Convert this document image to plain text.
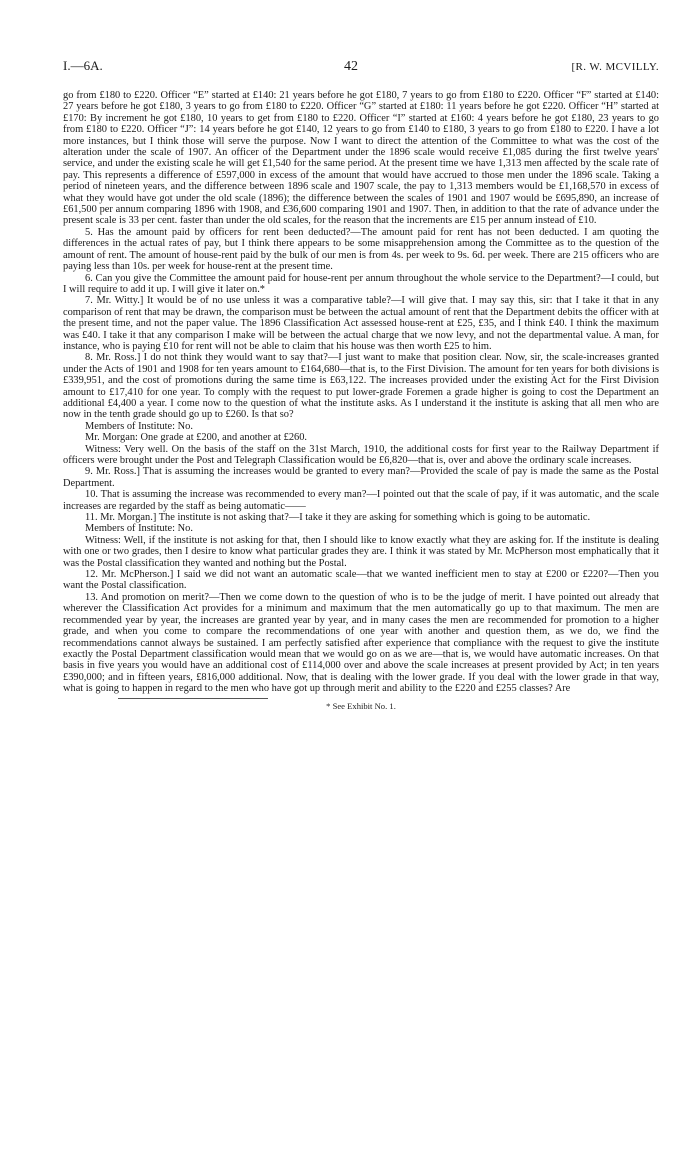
I.—6A.	42	[R. W. MCVILLY.

go from £180 to £220. Officer “E” started at £140: 21 years before he got £180, 7 years to go from £180 to £220. Officer “F” started at £140: 27 years before he got £180, 3 years to go from £180 to £220. Officer “G” started at £180: 11 years before he got £220. Officer “H” started at £170: By increment he got £180, 10 years to get from £180 to £220. Officer “I” started at £160: 4 years before he got £180, 23 years to go from £180 to £220. Officer “J”: 14 years before he got £140, 12 years to go from £140 to £180, 3 years to go from £180 to £220. I have a lot more instances, but I think those will serve the purpose. Now I want to direct the attention of the Committee to what was the cost of the alteration under the scale of 1907. An officer of the Department under the 1896 scale would receive £1,085 during the first twelve years' service, and under the existing scale he will get £1,540 for the same period. At the present time we have 1,313 men affected by the scale rate of pay. This represents a difference of £597,000 in excess of the amount that would have accrued to those men under the 1896 scale. Taking a period of nineteen years, and the difference between 1896 scale and 1907 scale, the pay to 1,313 members would be £1,168,570 in excess of what they would have got under the old scale (1896); the difference between the scales of 1901 and 1907 would be £695,890, an increase of £61,500 per annum comparing 1896 with 1908, and £36,600 comparing 1901 and 1907. Then, in addition to that the rate of advance under the present scale is 33 per cent. faster than under the old scales, for the reason that the increments are £15 per annum instead of £10.

5. Has the amount paid by officers for rent been deducted?—The amount paid for rent has not been deducted. I am quoting the differences in the actual rates of pay, but I think there appears to be some misapprehension among the Committee as to the question of the amount of rent. The amount of house-rent paid by the bulk of our men is from 4s. per week to 9s. 6d. per week. There are 215 officers who are paying less than 10s. per week for house-rent at the present time.

6. Can you give the Committee the amount paid for house-rent per annum throughout the whole service to the Department?—I could, but I will require to add it up. I will give it later on.*

7. Mr. Witty.] It would be of no use unless it was a comparative table?—I will give that. I may say this, sir: that I take it that in any comparison of rent that may be drawn, the comparison must be between the actual amount of rent that the Department debits the officer with at the present time, and not the paper value. The 1896 Classification Act assessed house-rent at £25, £35, and I think £40. I think the maximum was £40. I take it that any comparison I make will be between the actual charge that we now levy, and not the departmental value. A man, for instance, who is paying £10 for rent will not be able to claim that his house was then worth £25 to him.

8. Mr. Ross.] I do not think they would want to say that?—I just want to make that position clear. Now, sir, the scale-increases granted under the Acts of 1901 and 1908 for ten years amount to £164,680—that is, to the First Division. The amount for ten years for both divisions is £339,951, and the cost of promotions during the same time is £63,122. The increases provided under the existing Act for the First Division amount to £17,410 for one year. To comply with the request to put lower-grade Foremen a grade higher is going to cost the Department an additional £4,400 a year. I come now to the question of what the institute asks. As I understand it the institute is asking that all men who are now in the tenth grade should go up to £260. Is that so?

Members of Institute: No.

Mr. Morgan: One grade at £200, and another at £260.

Witness: Very well. On the basis of the staff on the 31st March, 1910, the additional costs for first year to the Railway Department if officers were brought under the Post and Telegraph Classification would be £6,820—that is, over and above the ordinary scale increases.

9. Mr. Ross.] That is assuming the increases would be granted to every man?—Provided the scale of pay is made the same as the Postal Department.

10. That is assuming the increase was recommended to every man?—I pointed out that the scale of pay, if it was automatic, and the scale increases are regarded by the staff as being automatic——

11. Mr. Morgan.] The institute is not asking that?—I take it they are asking for something which is going to be automatic.

Members of Institute: No.

Witness: Well, if the institute is not asking for that, then I should like to know exactly what they are asking for. If the institute is dealing with one or two grades, then I desire to know what particular grades they are. I think it was stated by Mr. McPherson most emphatically that it was the Postal classification they wanted and nothing but the Postal.

12. Mr. McPherson.] I said we did not want an automatic scale—that we wanted inefficient men to stay at £200 or £220?—Then you want the Postal classification.

13. And promotion on merit?—Then we come down to the question of who is to be the judge of merit. I have pointed out already that wherever the Classification Act provides for a minimum and maximum that the men automatically go up to that maximum. The men are recommended year by year, the increases are granted year by year, and in many cases the men are recommended for promotion to a higher grade, and when you come to compare the recommendations of one year with another and question them, as we do, we find the recommendations cannot always be sustained. I am perfectly satisfied after experience that compliance with the request to give the institute exactly the Postal Department classification would mean that we would go on as we are—that is, we would have automatic increases. On that basis in five years you would have an additional cost of £114,000 over and above the scale increases at present provided by Act; in ten years £390,000; and in fifteen years, £816,000 additional. Now, that is dealing with the lower grade. If you deal with the lower grade in that way, what is going to happen in regard to the men who have got up through merit and ability to the £220 and £255 classes? Are

* See Exhibit No. 1.
